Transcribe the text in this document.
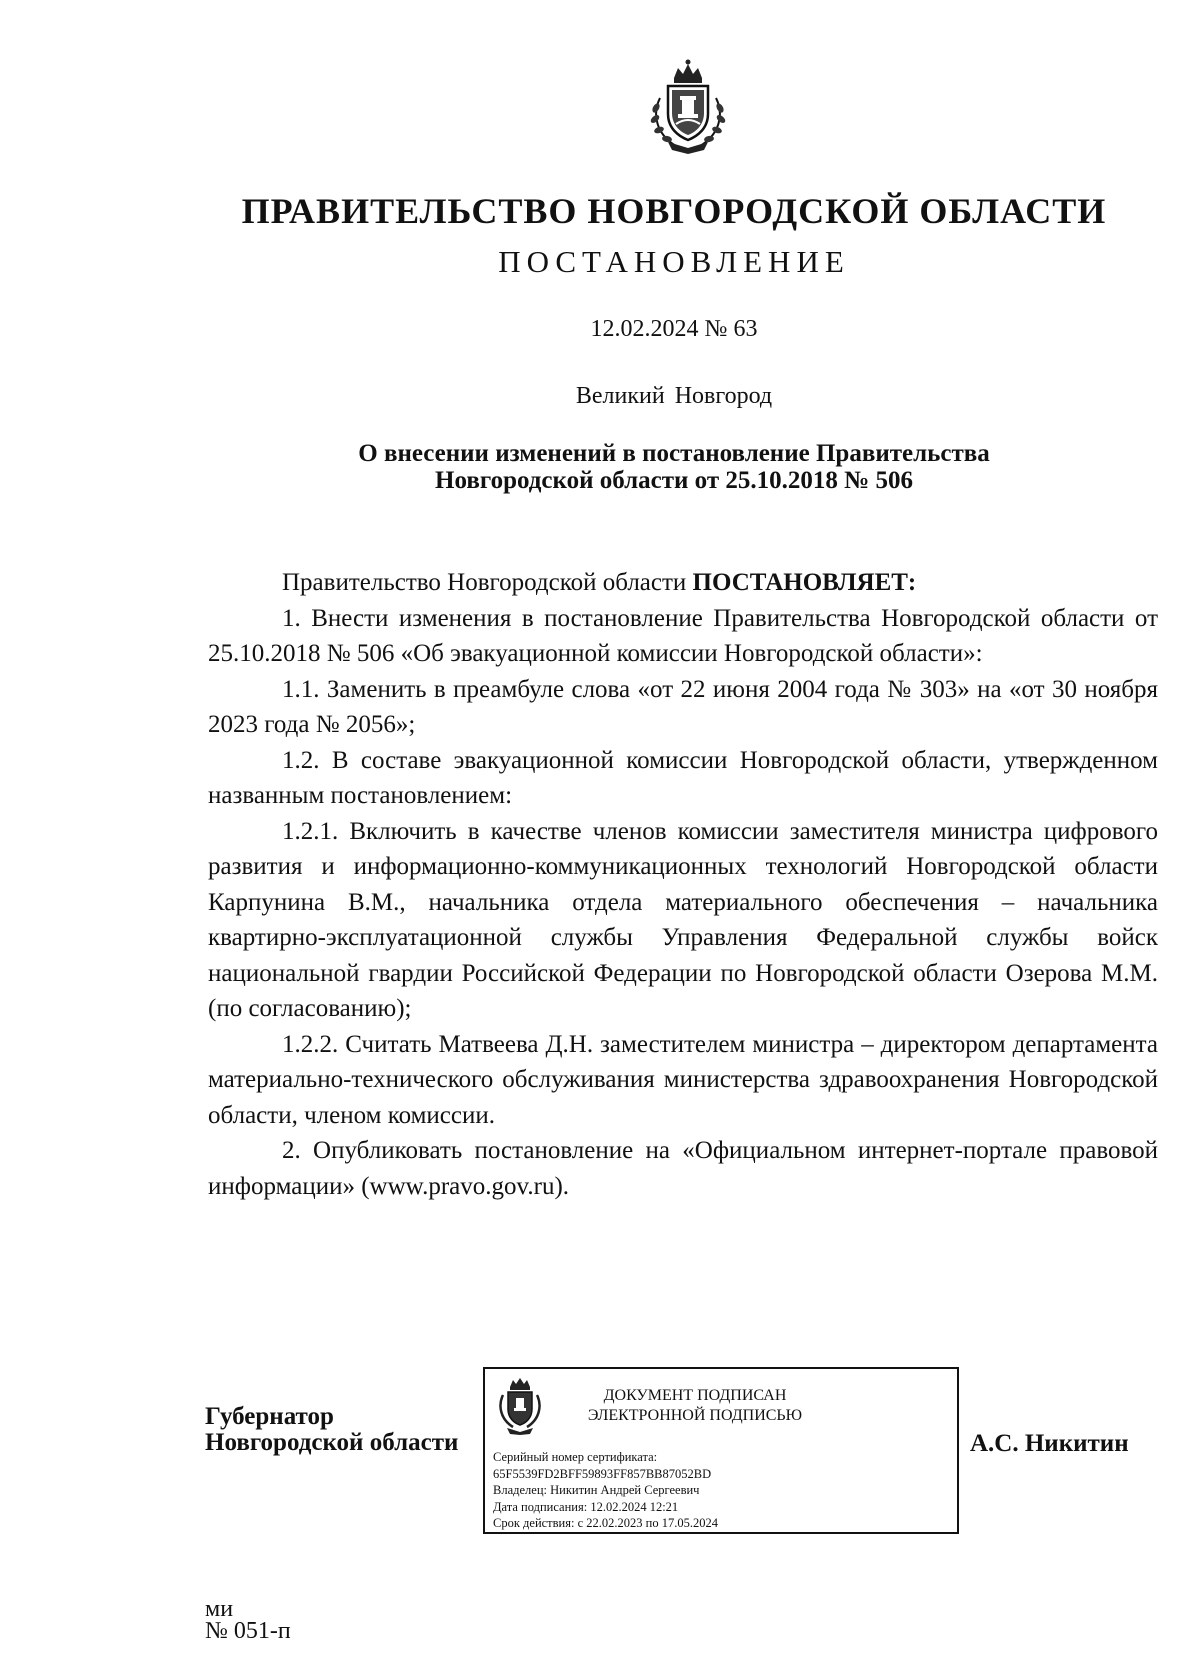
ПРАВИТЕЛЬСТВО НОВГОРОДСКОЙ ОБЛАСТИ
ПОСТАНОВЛЕНИЕ
12.02.2024 № 63
Великий Новгород
О внесении изменений в постановление Правительства
Новгородской области от 25.10.2018 № 506

Правительство Новгородской области ПОСТАНОВЛЯЕТ:

1. Внести изменения в постановление Правительства Новгородской области от 25.10.2018 № 506 «Об эвакуационной комиссии Новгородской области»:

1.1. Заменить в преамбуле слова «от 22 июня 2004 года № 303» на «от 30 ноября 2023 года № 2056»;

1.2. В составе эвакуационной комиссии Новгородской области, утвержденном названным постановлением:

1.2.1. Включить в качестве членов комиссии заместителя министра цифрового развития и информационно-коммуникационных технологий Новгородской области Карпунина В.М., начальника отдела материального обеспечения – начальника квартирно-эксплуатационной службы Управления Федеральной службы войск национальной гвардии Российской Федерации по Новгородской области Озерова М.М. (по согласованию);

1.2.2. Считать Матвеева Д.Н. заместителем министра – директором департамента материально-технического обслуживания министерства здравоохранения Новгородской области, членом комиссии.

2. Опубликовать постановление на «Официальном интернет-портале правовой информации» (www.pravo.gov.ru).

Губернатор
Новгородской области
ДОКУМЕНТ ПОДПИСАН
ЭЛЕКТРОННОЙ ПОДПИСЬЮ
Серийный номер сертификата:
65F5539FD2BFF59893FF857BB87052BD
Владелец: Никитин Андрей Сергеевич
Дата подписания: 12.02.2024 12:21
Срок действия: с 22.02.2023 по 17.05.2024
А.С. Никитин
ми
№ 051-п
